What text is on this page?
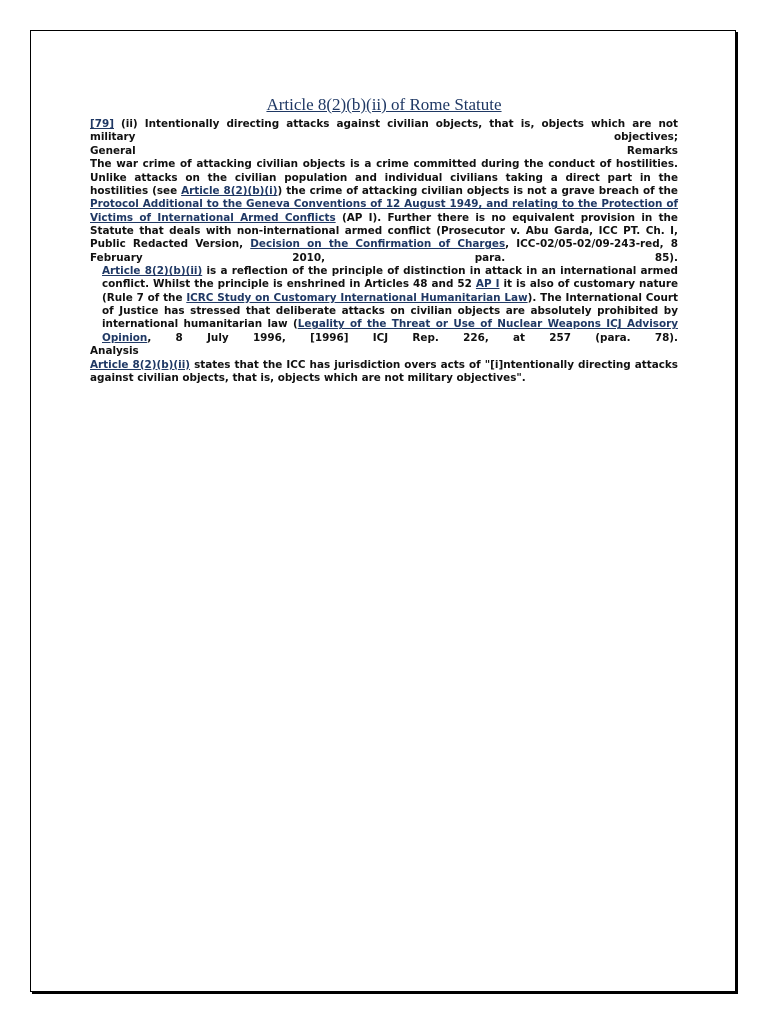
Article 8(2)(b)(ii) of Rome Statute

[79] (ii) Intentionally directing attacks against civilian objects, that is, objects which are not military objectives;

General	Remarks

The war crime of attacking civilian objects is a crime committed during the conduct of hostilities. Unlike attacks on the civilian population and individual civilians taking a direct part in the hostilities (see Article 8(2)(b)(i)) the crime of attacking civilian objects is not a grave breach of the Protocol Additional to the Geneva Conventions of 12 August 1949, and relating to the Protection of Victims of International Armed Conflicts (AP I). Further there is no equivalent provision in the Statute that deals with non-international armed conflict (Prosecutor v. Abu Garda, ICC PT. Ch. I, Public Redacted Version, Decision on the Confirmation of Charges, ICC-02/05-02/09-243-red, 8 February 2010, para. 85).

Article 8(2)(b)(ii) is a reflection of the principle of distinction in attack in an international armed conflict. Whilst the principle is enshrined in Articles 48 and 52 AP I it is also of customary nature (Rule 7 of the ICRC Study on Customary International Humanitarian Law). The International Court of Justice has stressed that deliberate attacks on civilian objects are absolutely prohibited by international humanitarian law (Legality of the Threat or Use of Nuclear Weapons ICJ Advisory Opinion, 8 July 1996, [1996] ICJ Rep. 226, at 257 (para. 78).

Analysis

Article 8(2)(b)(ii) states that the ICC has jurisdiction overs acts of "[i]ntentionally directing attacks against civilian objects, that is, objects which are not military objectives".
